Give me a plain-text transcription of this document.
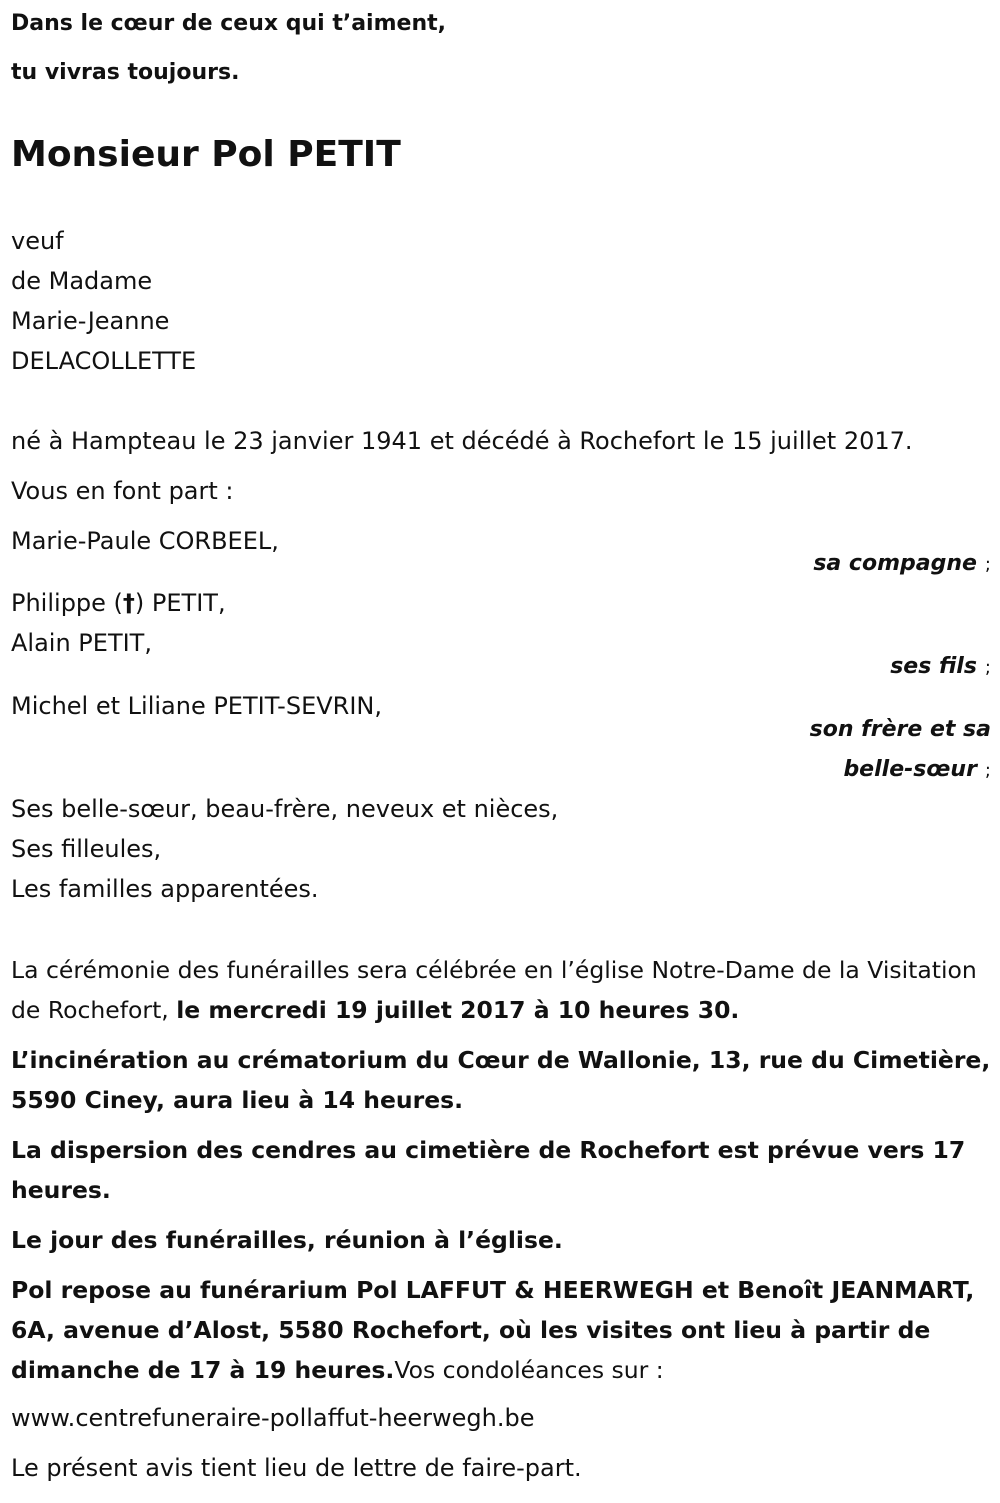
Dans le cœur de ceux qui t’aiment,
tu vivras toujours.
Monsieur Pol PETIT
veuf
de Madame
Marie-Jeanne
DELACOLLETTE
né à Hampteau le 23 janvier 1941 et décédé à Rochefort le 15 juillet 2017.
Vous en font part :
Marie-Paule CORBEEL,
sa compagne ;
Philippe (†) PETIT,
Alain PETIT,
ses fils ;
Michel et Liliane PETIT-SEVRIN,
son frère et sa
belle-sœur ;
Ses belle-sœur, beau-frère, neveux et nièces,
Ses filleules,
Les familles apparentées.
La cérémonie des funérailles sera célébrée en l’église Notre-Dame de la Visitation de Rochefort, le mercredi 19 juillet 2017 à 10 heures 30.
L’incinération au crématorium du Cœur de Wallonie, 13, rue du Cimetière, 5590 Ciney, aura lieu à 14 heures.
La dispersion des cendres au cimetière de Rochefort est prévue vers 17 heures.
Le jour des funérailles, réunion à l’église.
Pol repose au funérarium Pol LAFFUT & HEERWEGH et Benoît JEANMART, 6A, avenue d’Alost, 5580 Rochefort, où les visites ont lieu à partir de dimanche de 17 à 19 heures.Vos condoléances sur :
www.centrefuneraire-pollaffut-heerwegh.be
Le présent avis tient lieu de lettre de faire-part.
